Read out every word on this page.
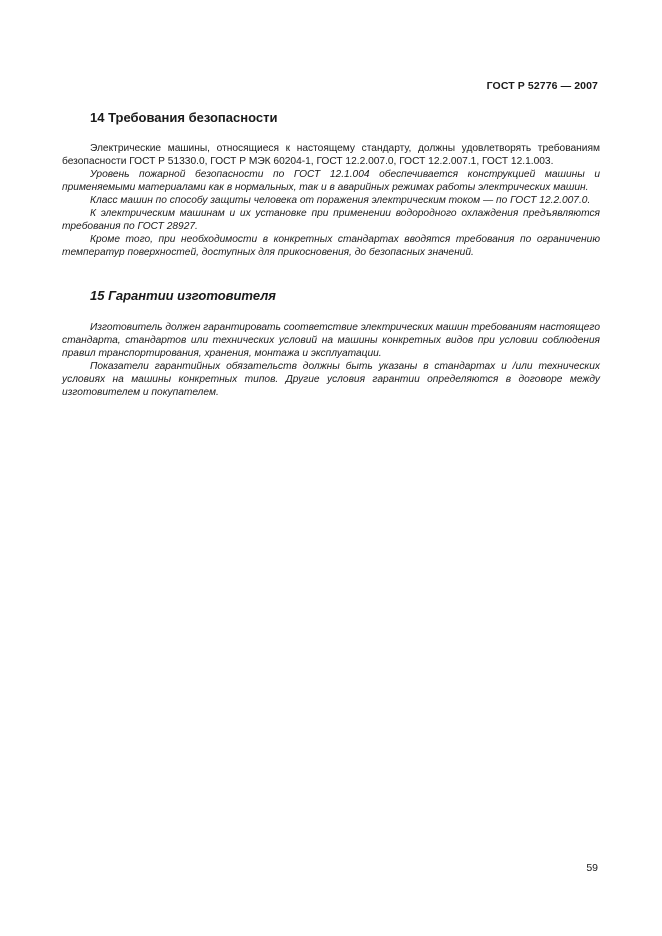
ГОСТ Р 52776 — 2007
14 Требования безопасности

Электрические машины, относящиеся к настоящему стандарту, должны удовлетворять требованиям безопасности ГОСТ Р 51330.0, ГОСТ Р МЭК 60204-1, ГОСТ 12.2.007.0, ГОСТ 12.2.007.1, ГОСТ 12.1.003.

Уровень пожарной безопасности по ГОСТ 12.1.004 обеспечивается конструкцией машины и применяемыми материалами как в нормальных, так и в аварийных режимах работы электрических машин.

Класс машин по способу защиты человека от поражения электрическим током — по ГОСТ 12.2.007.0.

К электрическим машинам и их установке при применении водородного охлаждения предъявляются требования по ГОСТ 28927.

Кроме того, при необходимости в конкретных стандартах вводятся требования по ограничению температур поверхностей, доступных для прикосновения, до безопасных значений.

15 Гарантии изготовителя

Изготовитель должен гарантировать соответствие электрических машин требованиям настоящего стандарта, стандартов или технических условий на машины конкретных видов при условии соблюдения правил транспортирования, хранения, монтажа и эксплуатации.

Показатели гарантийных обязательств должны быть указаны в стандартах и /или технических условиях на машины конкретных типов. Другие условия гарантии определяются в договоре между изготовителем и покупателем.

59
